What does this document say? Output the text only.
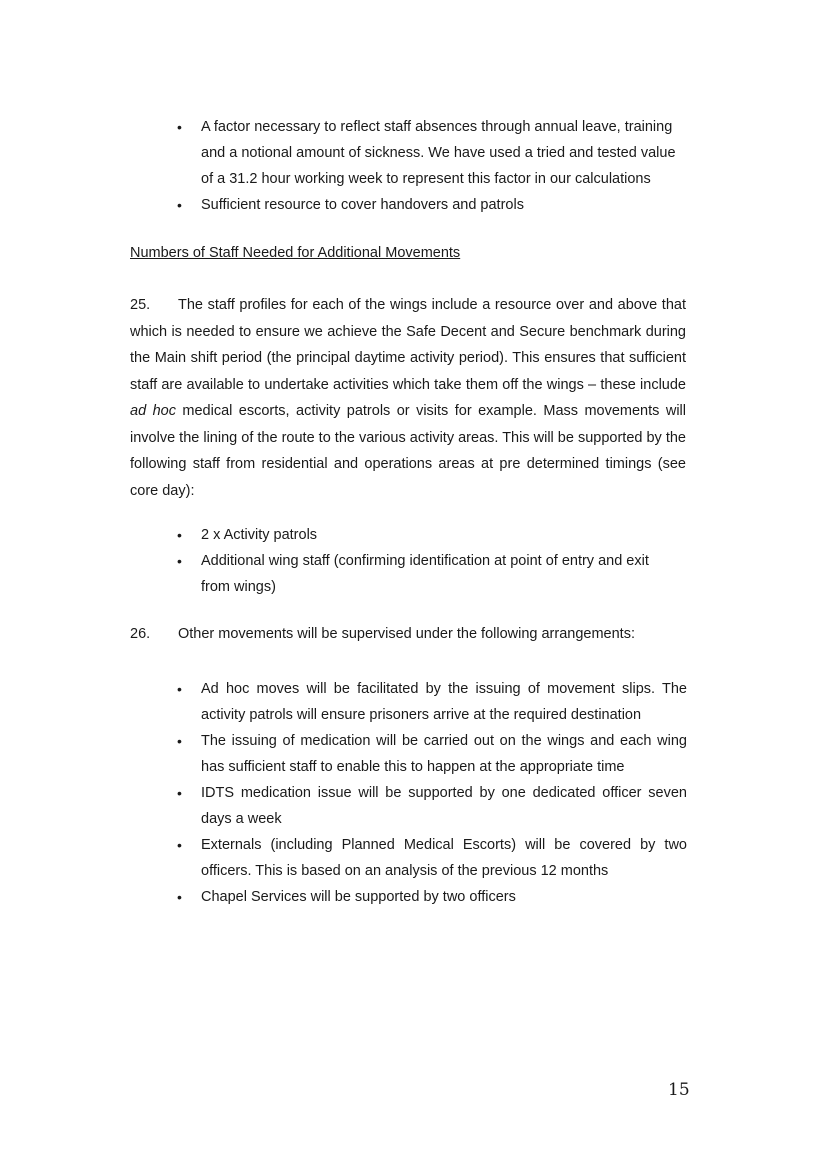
• A factor necessary to reflect staff absences through annual leave, training and a notional amount of sickness. We have used a tried and tested value of a 31.2 hour working week to represent this factor in our calculations
• Sufficient resource to cover handovers and patrols
Numbers of Staff Needed for Additional Movements
25. The staff profiles for each of the wings include a resource over and above that which is needed to ensure we achieve the Safe Decent and Secure benchmark during the Main shift period (the principal daytime activity period). This ensures that sufficient staff are available to undertake activities which take them off the wings – these include ad hoc medical escorts, activity patrols or visits for example. Mass movements will involve the lining of the route to the various activity areas. This will be supported by the following staff from residential and operations areas at pre determined timings (see core day):
• 2 x Activity patrols
• Additional wing staff (confirming identification at point of entry and exit from wings)
26. Other movements will be supervised under the following arrangements:
• Ad hoc moves will be facilitated by the issuing of movement slips. The activity patrols will ensure prisoners arrive at the required destination
• The issuing of medication will be carried out on the wings and each wing has sufficient staff to enable this to happen at the appropriate time
• IDTS medication issue will be supported by one dedicated officer seven days a week
• Externals (including Planned Medical Escorts) will be covered by two officers. This is based on an analysis of the previous 12 months
• Chapel Services will be supported by two officers
15
